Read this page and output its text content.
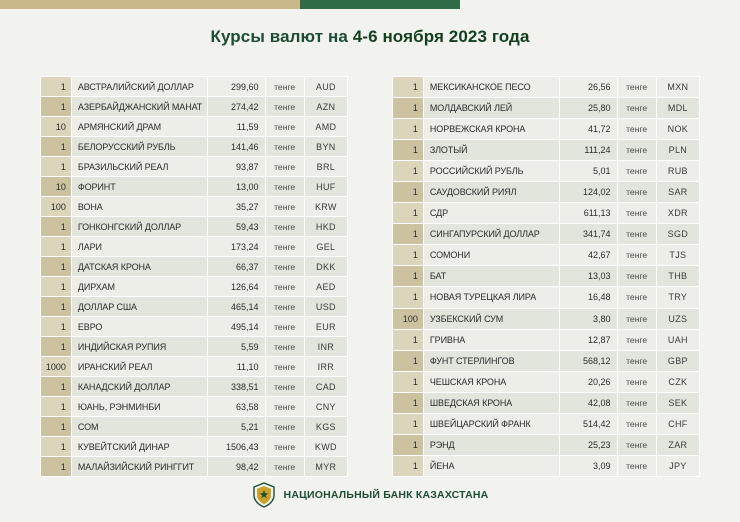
Курсы валют на 4-6 ноября 2023 года
1	АВСТРАЛИЙСКИЙ ДОЛЛАР	299,60	тенге	AUD
1	АЗЕРБАЙДЖАНСКИЙ МАНАТ	274,42	тенге	AZN
10	АРМЯНСКИЙ ДРАМ	11,59	тенге	AMD
1	БЕЛОРУССКИЙ РУБЛЬ	141,46	тенге	BYN
1	БРАЗИЛЬСКИЙ РЕАЛ	93,87	тенге	BRL
10	ФОРИНТ	13,00	тенге	HUF
100	ВОНА	35,27	тенге	KRW
1	ГОНКОНГСКИЙ ДОЛЛАР	59,43	тенге	HKD
1	ЛАРИ	173,24	тенге	GEL
1	ДАТСКАЯ КРОНА	66,37	тенге	DKK
1	ДИРХАМ	126,64	тенге	AED
1	ДОЛЛАР США	465,14	тенге	USD
1	ЕВРО	495,14	тенге	EUR
1	ИНДИЙСКАЯ РУПИЯ	5,59	тенге	INR
1000	ИРАНСКИЙ РЕАЛ	11,10	тенге	IRR
1	КАНАДСКИЙ ДОЛЛАР	338,51	тенге	CAD
1	ЮАНЬ, РЭНМИНБИ	63,58	тенге	CNY
1	СОМ	5,21	тенге	KGS
1	КУВЕЙТСКИЙ ДИНАР	1506,43	тенге	KWD
1	МАЛАЙЗИЙСКИЙ РИНГГИТ	98,42	тенге	MYR
1	МЕКСИКАНСКОЕ ПЕСО	26,56	тенге	MXN
1	МОЛДАВСКИЙ ЛЕЙ	25,80	тенге	MDL
1	НОРВЕЖСКАЯ КРОНА	41,72	тенге	NOK
1	ЗЛОТЫЙ	111,24	тенге	PLN
1	РОССИЙСКИЙ РУБЛЬ	5,01	тенге	RUB
1	САУДОВСКИЙ РИЯЛ	124,02	тенге	SAR
1	СДР	611,13	тенге	XDR
1	СИНГАПУРСКИЙ ДОЛЛАР	341,74	тенге	SGD
1	СОМОНИ	42,67	тенге	TJS
1	БАТ	13,03	тенге	THB
1	НОВАЯ ТУРЕЦКАЯ ЛИРА	16,48	тенге	TRY
100	УЗБЕКСКИЙ СУМ	3,80	тенге	UZS
1	ГРИВНА	12,87	тенге	UAH
1	ФУНТ СТЕРЛИНГОВ	568,12	тенге	GBP
1	ЧЕШСКАЯ КРОНА	20,26	тенге	CZK
1	ШВЕДСКАЯ КРОНА	42,08	тенге	SEK
1	ШВЕЙЦАРСКИЙ ФРАНК	514,42	тенге	CHF
1	РЭНД	25,23	тенге	ZAR
1	ЙЕНА	3,09	тенге	JPY
НАЦИОНАЛЬНЫЙ БАНК КАЗАХСТАНА
